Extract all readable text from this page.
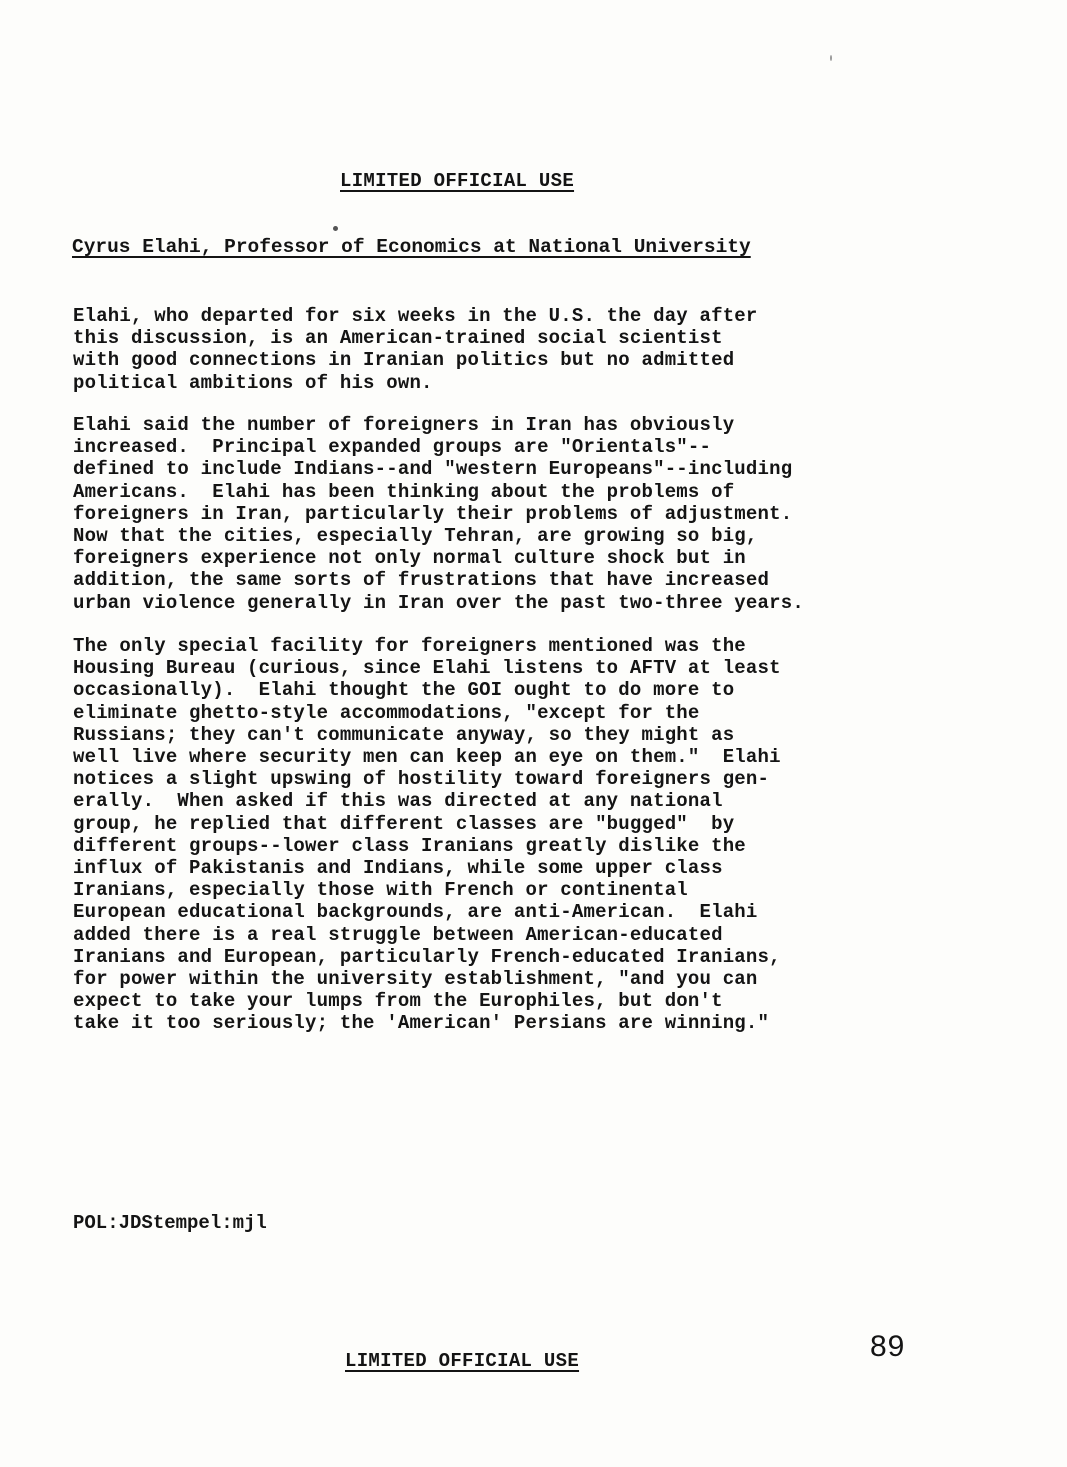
LIMITED OFFICIAL USE
Cyrus Elahi, Professor of Economics at National University

Elahi, who departed for six weeks in the U.S. the day after
this discussion, is an American-trained social scientist
with good connections in Iranian politics but no admitted
political ambitions of his own.

Elahi said the number of foreigners in Iran has obviously
increased.  Principal expanded groups are "Orientals"--
defined to include Indians--and "western Europeans"--including
Americans.  Elahi has been thinking about the problems of
foreigners in Iran, particularly their problems of adjustment.
Now that the cities, especially Tehran, are growing so big,
foreigners experience not only normal culture shock but in
addition, the same sorts of frustrations that have increased
urban violence generally in Iran over the past two-three years.

The only special facility for foreigners mentioned was the
Housing Bureau (curious, since Elahi listens to AFTV at least
occasionally).  Elahi thought the GOI ought to do more to
eliminate ghetto-style accommodations, "except for the
Russians; they can't communicate anyway, so they might as
well live where security men can keep an eye on them."  Elahi
notices a slight upswing of hostility toward foreigners gen-
erally.  When asked if this was directed at any national
group, he replied that different classes are "bugged"  by
different groups--lower class Iranians greatly dislike the
influx of Pakistanis and Indians, while some upper class
Iranians, especially those with French or continental
European educational backgrounds, are anti-American.  Elahi
added there is a real struggle between American-educated
Iranians and European, particularly French-educated Iranians,
for power within the university establishment, "and you can
expect to take your lumps from the Europhiles, but don't
take it too seriously; the 'American' Persians are winning."

POL:JDStempel:mjl
LIMITED OFFICIAL USE	89
